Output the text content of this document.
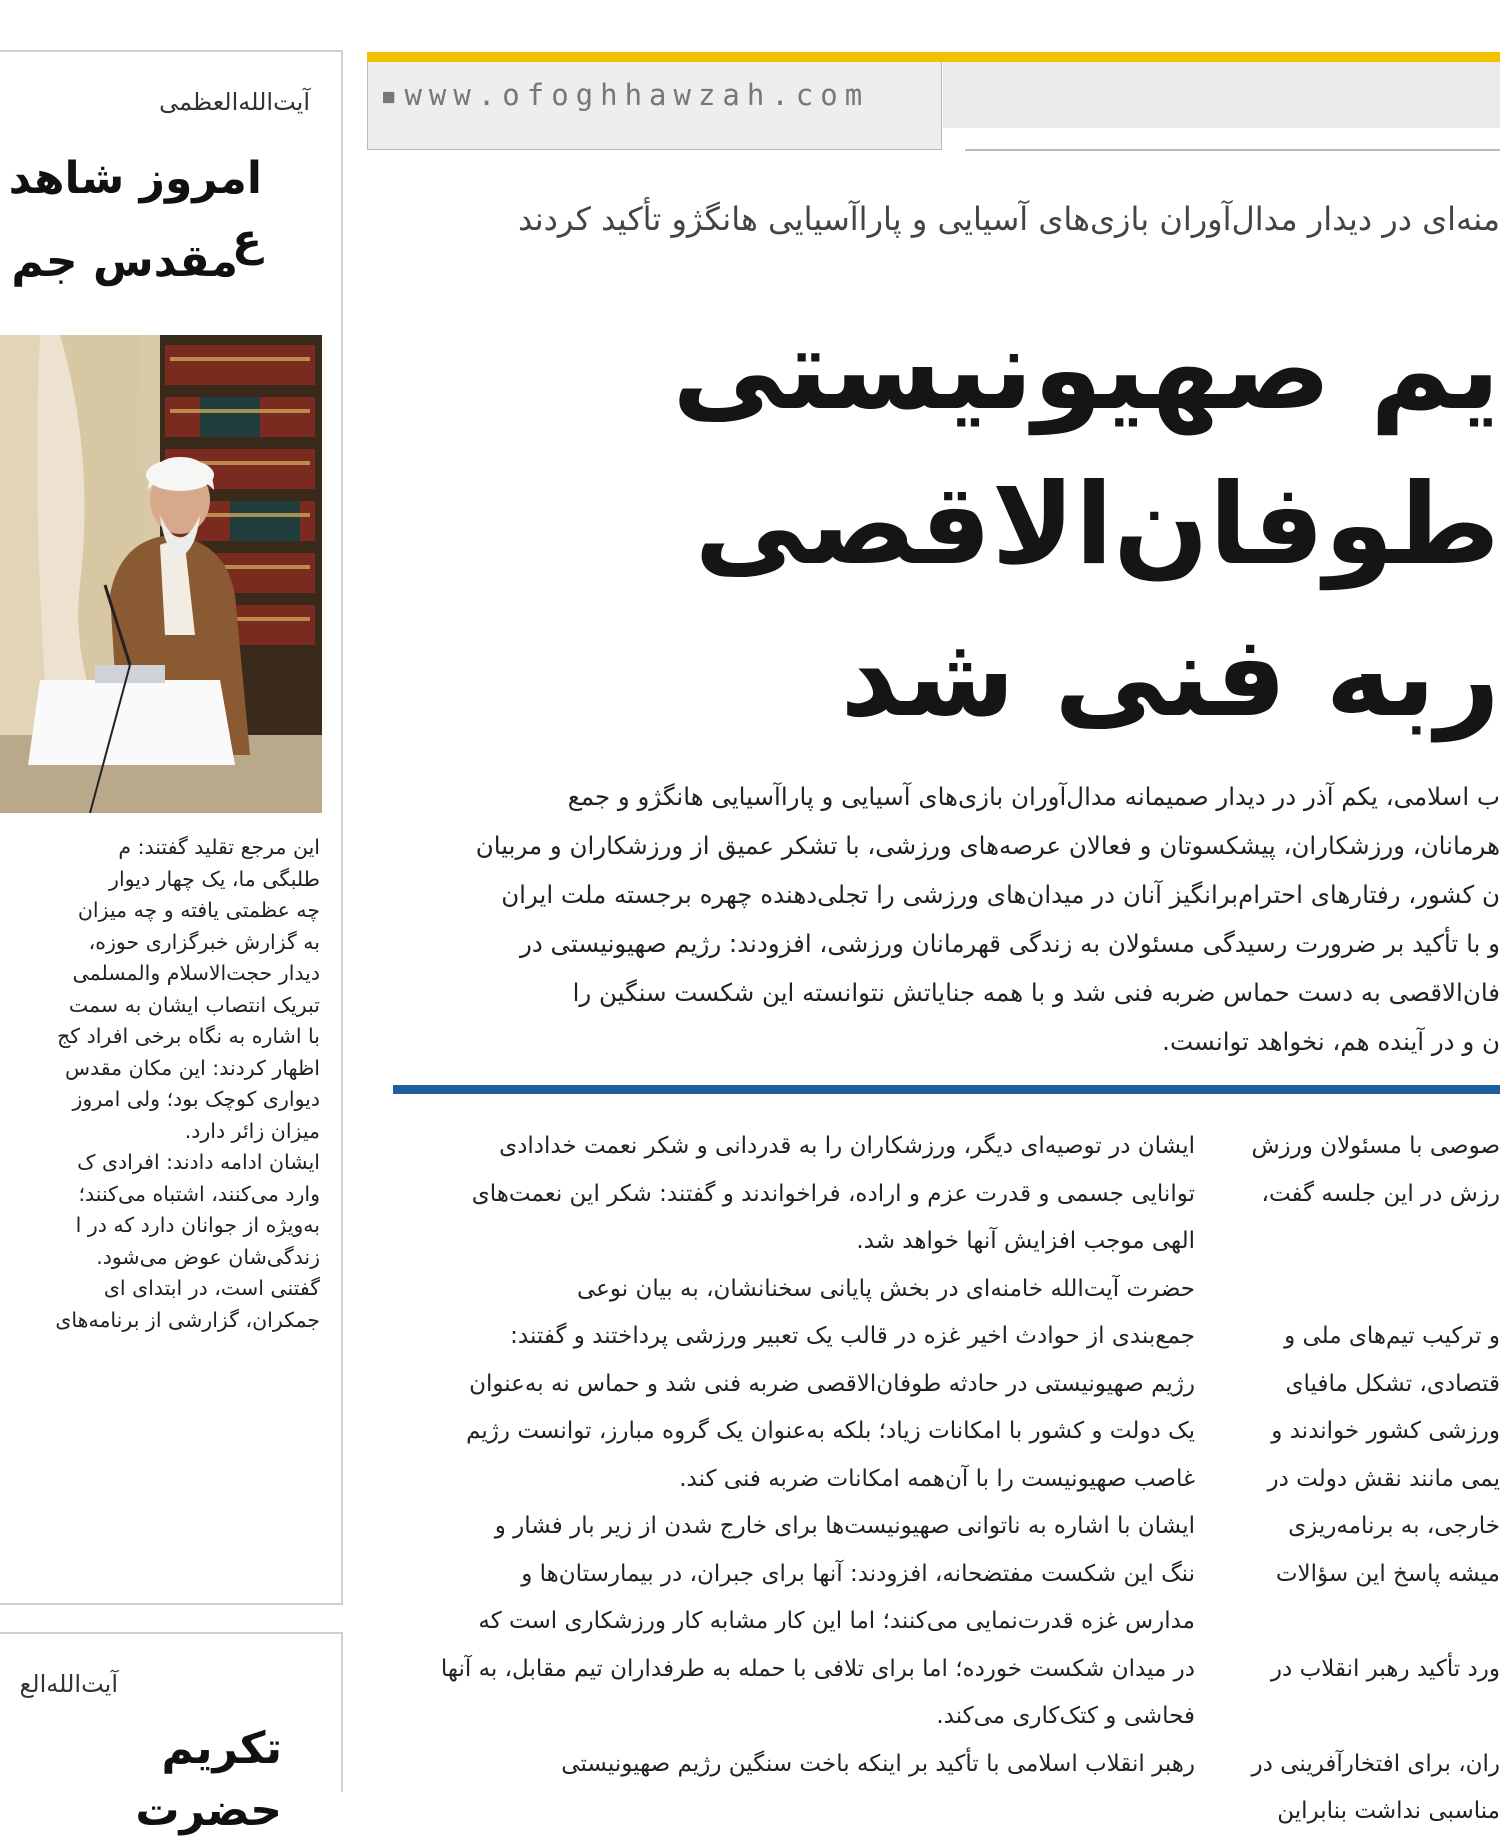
آیت‌الله‌العظمی
امروز شاهد ع
مقدس جم
این مرجع تقلید گفتند: م
طلبگی ما، یک چهار دیوار
چه عظمتی یافته و چه میزان
به گزارش خبرگزاری حوزه،
دیدار حجت‌الاسلام والمسلمی
تبریک انتصاب ایشان به سمت
با اشاره به نگاه برخی افراد کج
اظهار کردند: این مکان مقدس
دیواری کوچک بود؛ ولی امروز
میزان زائر دارد.
ایشان ادامه دادند: افرادی ک
وارد می‌کنند، اشتباه می‌کنند؛
به‌ویژه از جوانان دارد که در ا
زندگی‌شان عوض می‌شود.
گفتنی است، در ابتدای ای
جمکران، گزارشی از برنامه‌های
آیت‌الله‌الع
تکریم حضرت
▪www.ofoghhawzah.com
منه‌ای در دیدار مدال‌آوران بازی‌های آسیایی و پاراآسیایی هانگژو تأکید کردند
یم صهیونیستی
طوفان‌الاقصی
ربه فنی شد
ب اسلامی، یکم آذر در دیدار صمیمانه مدال‌آوران بازی‌های آسیایی و پاراآسیایی هانگژو و جمع
هرمانان، ورزشکاران، پیشکسوتان و فعالان عرصه‌های ورزشی، با تشکر عمیق از ورزشکاران و مربیان
ن کشور، رفتارهای احترام‌برانگیز آنان در میدان‌های ورزشی را تجلی‌دهنده چهره برجسته ملت ایران
و با تأکید بر ضرورت رسیدگی مسئولان به زندگی قهرمانان ورزشی، افزودند: رژیم صهیونیستی در
فان‌الاقصی به دست حماس ضربه فنی شد و با همه جنایاتش نتوانسته این شکست سنگین را
ن و در آینده هم، نخواهد توانست.
ایشان در توصیه‌ای دیگر، ورزشکاران را به قدردانی و شکر نعمت خدادادی
توانایی جسمی و قدرت عزم و اراده، فراخواندند و گفتند: شکر این نعمت‌های
الهی موجب افزایش آنها خواهد شد.
حضرت آیت‌الله خامنه‌ای در بخش پایانی سخنانشان، به بیان نوعی
جمع‌بندی از حوادث اخیر غزه در قالب یک تعبیر ورزشی پرداختند و گفتند:
رژیم صهیونیستی در حادثه طوفان‌الاقصی ضربه فنی شد و حماس نه به‌عنوان
یک دولت و کشور با امکانات زیاد؛ بلکه به‌عنوان یک گروه مبارز، توانست رژیم
غاصب صهیونیست را با آن‌همه امکانات ضربه فنی کند.
ایشان با اشاره به ناتوانی صهیونیست‌ها برای خارج شدن از زیر بار فشار و
ننگ این شکست مفتضحانه، افزودند: آنها برای جبران، در بیمارستان‌ها و
مدارس غزه قدرت‌نمایی می‌کنند؛ اما این کار مشابه کار ورزشکاری است که
در میدان شکست خورده؛ اما برای تلافی با حمله به طرفداران تیم مقابل، به آنها
فحاشی و کتک‌کاری می‌کند.
رهبر انقلاب اسلامی با تأکید بر اینکه باخت سنگین رژیم صهیونیستی
صوصی با مسئولان ورزش
رزش در این جلسه گفت،
و ترکیب تیم‌های ملی و
قتصادی، تشکل مافیای
ورزشی کشور خواندند و
یمی مانند نقش دولت در
خارجی، به برنامه‌ریزی
میشه پاسخ این سؤالات
ورد تأکید رهبر انقلاب در
ران، برای افتخارآفرینی در
مناسبی نداشت بنابراین
